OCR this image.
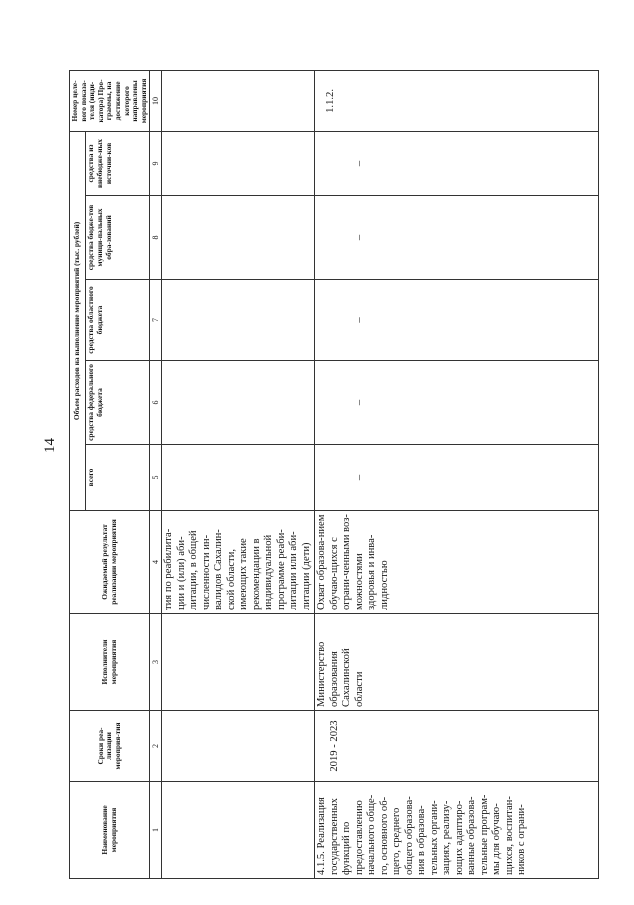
14
Наименование мероприятия	Сроки реа-лизации мероприя-тия	Исполнители мероприятия	Ожидаемый результат реализации мероприятия	Объем расходов на выполнение мероприятий (тыс. рублей)					Номер целе-вого показа-теля (инди-катора) Про-граммы, на достижение которого направлены мероприятия
				всего	средства федерального бюджета	средства областного бюджета	средства бюдже-тов муници-пальных обра-зований	средства из внебюдже-ных источни-ков	
1	2	3	4	5	6	7	8	9	10
			тия по реабилита-ции и (или) аби-литации, в общей численности ин-валидов Сахалин-ской области, имеющих такие рекомендации в индивидуальной программе реаби-литации или аби-литации (дети)						
4.1.5. Реализация государственных функций по предоставлению начального обще-го, основного об-щего, среднего общего образова-ния в образова-тельных органи-зациях, реализу-ющих адаптиро-ванные образова-тельные програм-мы для обучаю-щихся, воспитан-ников с ограни-	2019 - 2023	Министерство образования Сахалинской области	Охват образова-нием обучаю-щихся с ограни-ченными воз-можностями здоровья и инва-лидностью	–	–	–	–	–	1.1.2.
